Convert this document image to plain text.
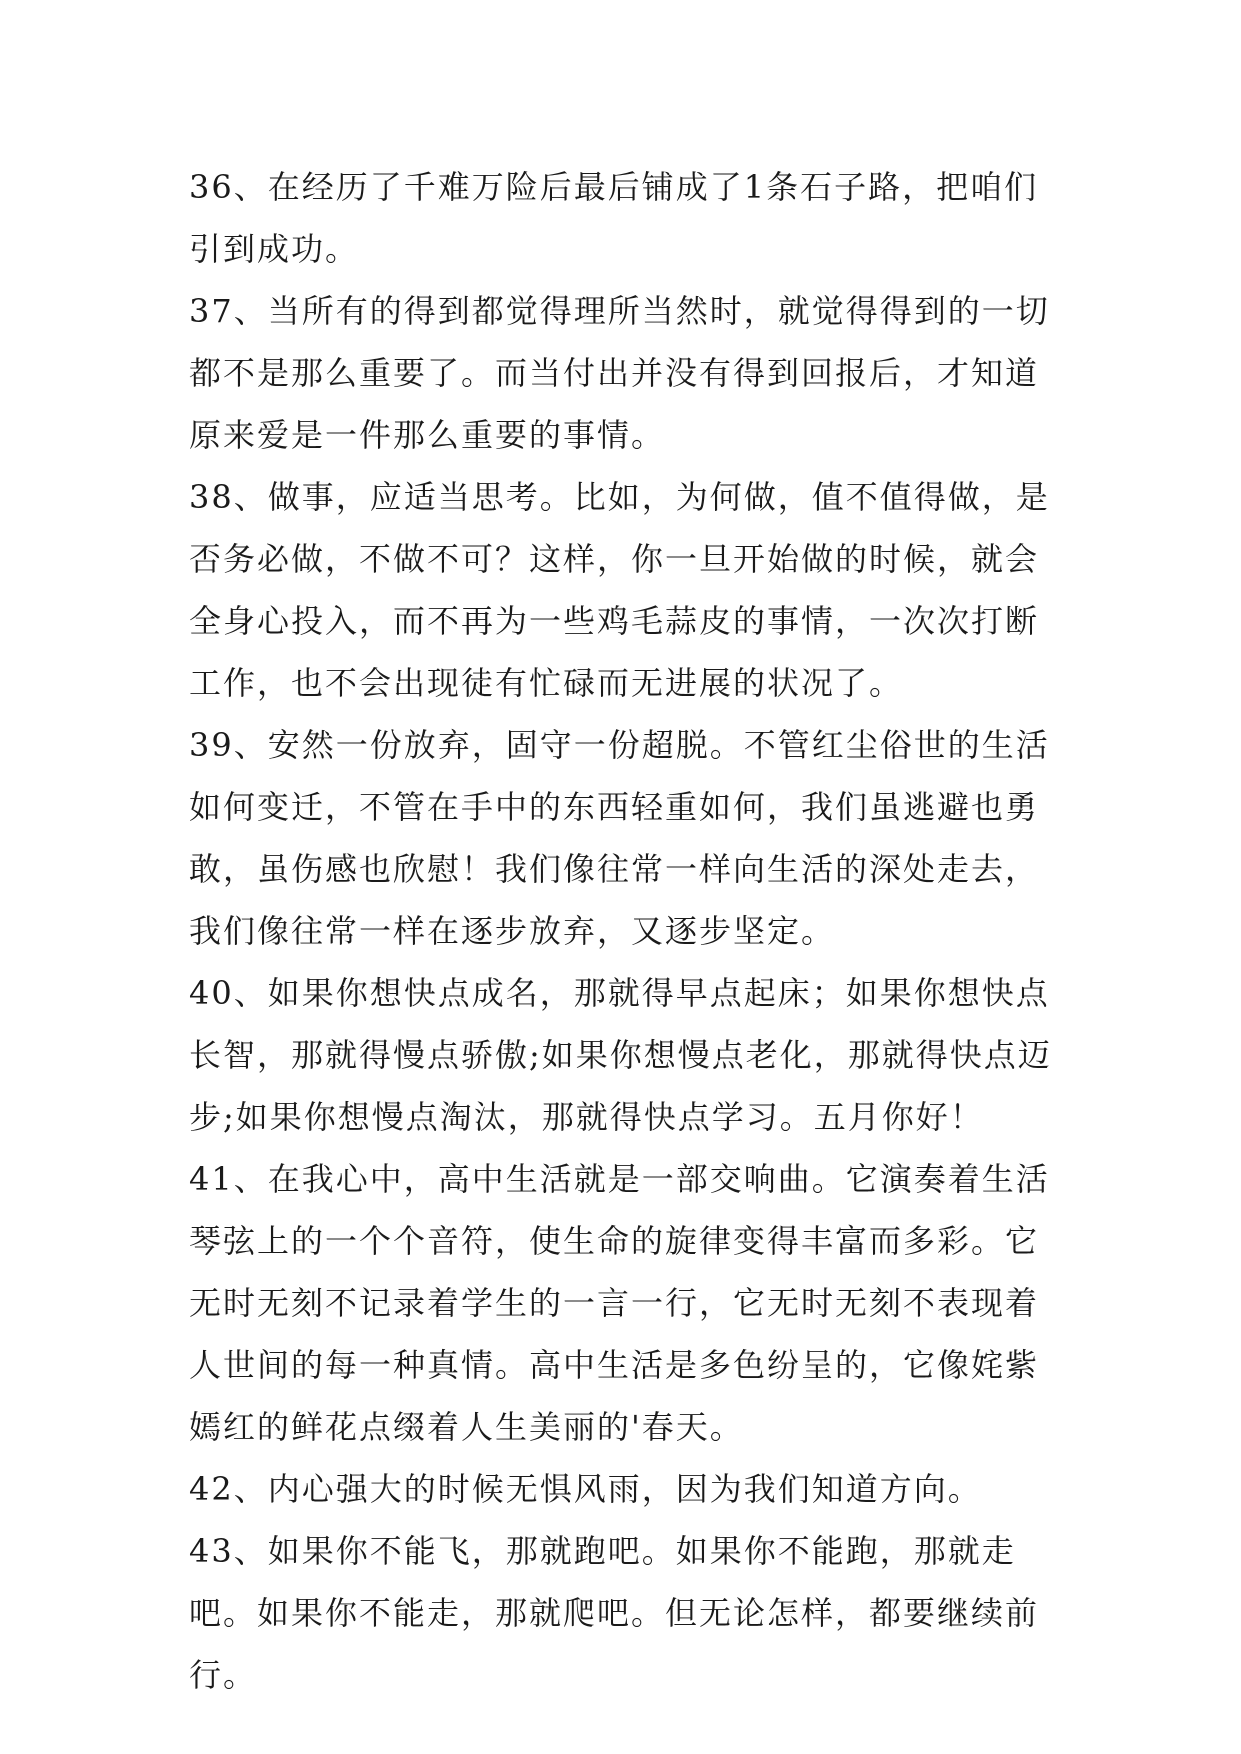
36、在经历了千难万险后最后铺成了1条石子路，把咱们引到成功。

37、当所有的得到都觉得理所当然时，就觉得得到的一切都不是那么重要了。而当付出并没有得到回报后，才知道原来爱是一件那么重要的事情。

38、做事，应适当思考。比如，为何做，值不值得做，是否务必做，不做不可？这样，你一旦开始做的时候，就会全身心投入，而不再为一些鸡毛蒜皮的事情，一次次打断工作，也不会出现徒有忙碌而无进展的状况了。

39、安然一份放弃，固守一份超脱。不管红尘俗世的生活如何变迁，不管在手中的东西轻重如何，我们虽逃避也勇敢，虽伤感也欣慰！我们像往常一样向生活的深处走去，我们像往常一样在逐步放弃，又逐步坚定。

40、如果你想快点成名，那就得早点起床；如果你想快点长智，那就得慢点骄傲;如果你想慢点老化，那就得快点迈步;如果你想慢点淘汰，那就得快点学习。五月你好！

41、在我心中，高中生活就是一部交响曲。它演奏着生活琴弦上的一个个音符，使生命的旋律变得丰富而多彩。它无时无刻不记录着学生的一言一行，它无时无刻不表现着人世间的每一种真情。高中生活是多色纷呈的，它像姹紫嫣红的鲜花点缀着人生美丽的'春天。

42、内心强大的时候无惧风雨，因为我们知道方向。

43、如果你不能飞，那就跑吧。如果你不能跑，那就走吧。如果你不能走，那就爬吧。但无论怎样，都要继续前行。
